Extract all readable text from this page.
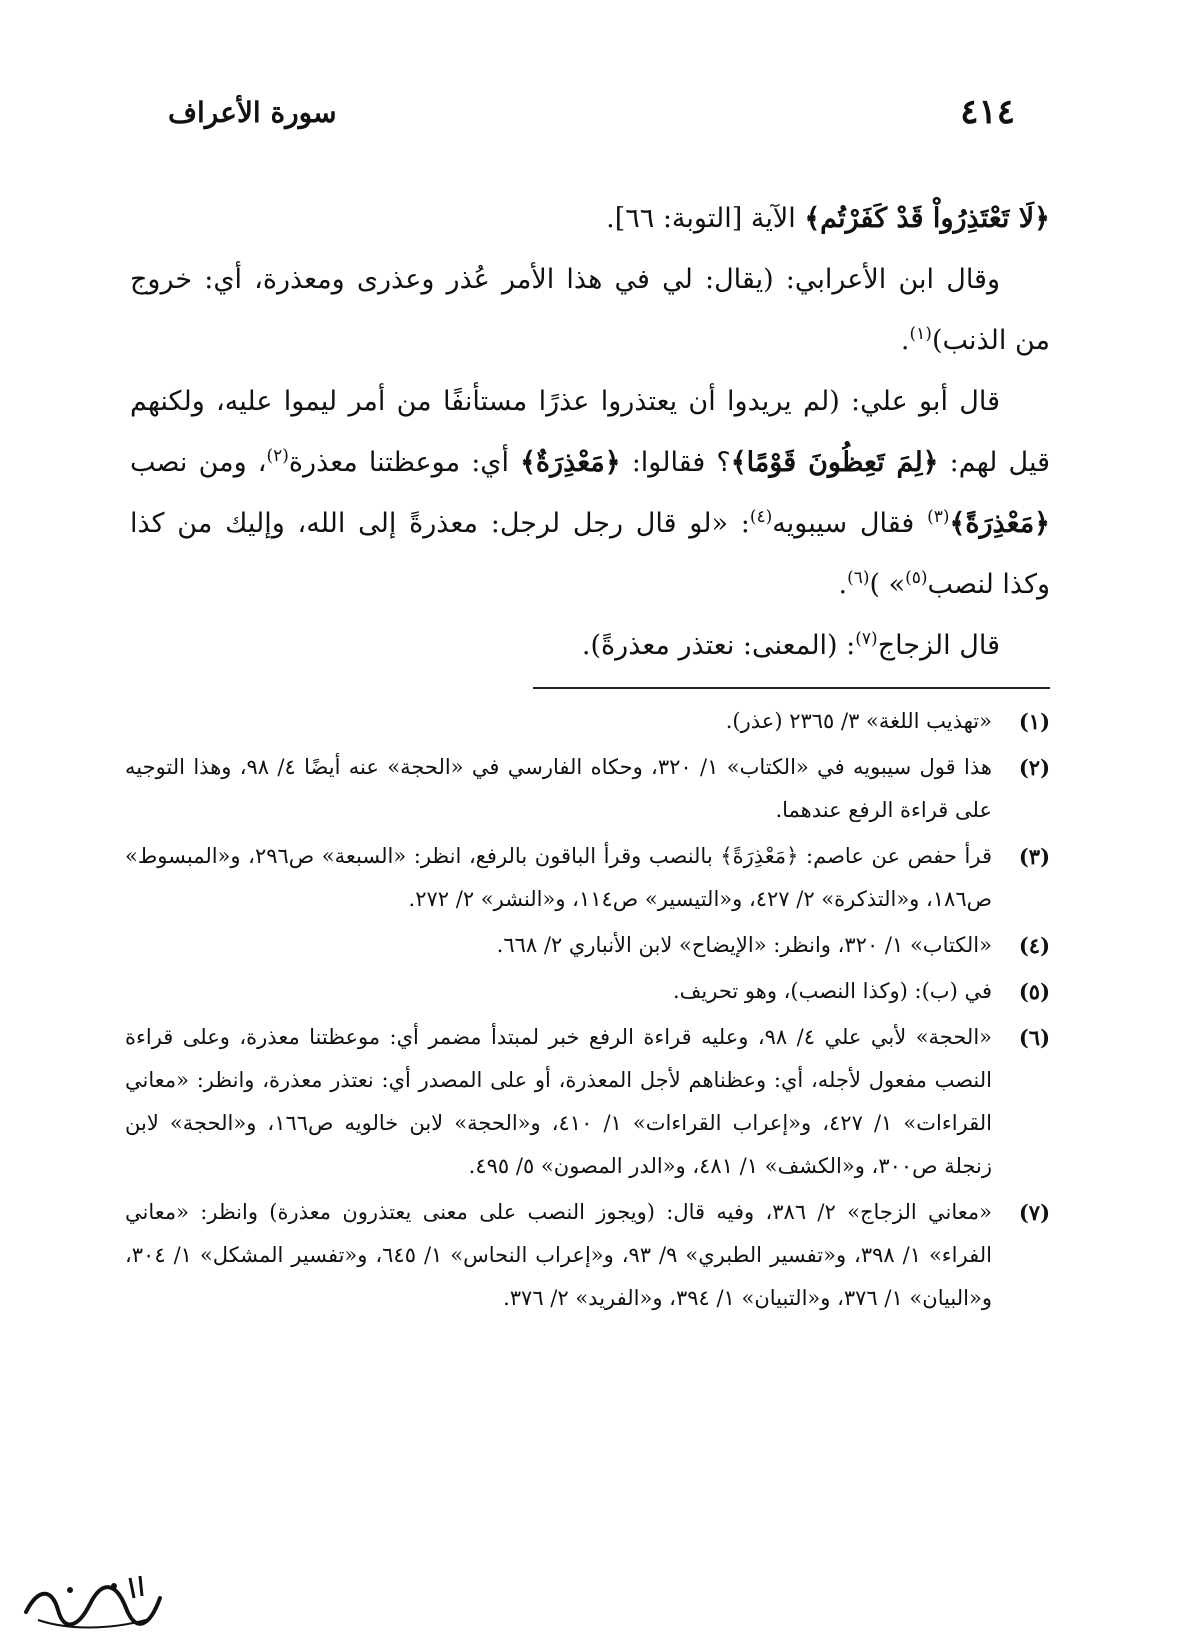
٤١٤
سورة الأعراف

﴿لَا تَعْتَذِرُواْ قَدْ كَفَرْتُم﴾ الآية [التوبة: ٦٦].

وقال ابن الأعرابي: (يقال: لي في هذا الأمر عُذر وعذرى ومعذرة، أي: خروج من الذنب)$^{(١)}$.

قال أبو علي: (لم يريدوا أن يعتذروا عذرًا مستأنفًا من أمر ليموا عليه، ولكنهم قيل لهم: ﴿لِمَ تَعِظُونَ قَوْمًا﴾؟ فقالوا: ﴿مَعْذِرَةٌ﴾ أي: موعظتنا معذرة$^{(٢)}$، ومن نصب ﴿مَعْذِرَةً﴾$^{(٣)}$ فقال سيبويه$^{(٤)}$: «لو قال رجل لرجل: معذرةً إلى الله، وإليك من كذا وكذا لنصب$^{(٥)}$» )$^{(٦)}$.

قال الزجاج$^{(٧)}$: (المعنى: نعتذر معذرةً).

(١)
«تهذيب اللغة» ٣/ ٢٣٦٥ (عذر).
(٢)
هذا قول سيبويه في «الكتاب» ١/ ٣٢٠، وحكاه الفارسي في «الحجة» عنه أيضًا ٤/ ٩٨، وهذا التوجيه على قراءة الرفع عندهما.
(٣)
قرأ حفص عن عاصم: ﴿مَعْذِرَةً﴾ بالنصب وقرأ الباقون بالرفع، انظر: «السبعة» ص٢٩٦، و«المبسوط» ص١٨٦، و«التذكرة» ٢/ ٤٢٧، و«التيسير» ص١١٤، و«النشر» ٢/ ٢٧٢.
(٤)
«الكتاب» ١/ ٣٢٠، وانظر: «الإيضاح» لابن الأنباري ٢/ ٦٦٨.
(٥)
في (ب): (وكذا النصب)، وهو تحريف.
(٦)
«الحجة» لأبي علي ٤/ ٩٨، وعليه قراءة الرفع خبر لمبتدأ مضمر أي: موعظتنا معذرة، وعلى قراءة النصب مفعول لأجله، أي: وعظناهم لأجل المعذرة، أو على المصدر أي: نعتذر معذرة، وانظر: «معاني القراءات» ١/ ٤٢٧، و«إعراب القراءات» ١/ ٤١٠، و«الحجة» لابن خالويه ص١٦٦، و«الحجة» لابن زنجلة ص٣٠٠، و«الكشف» ١/ ٤٨١، و«الدر المصون» ٥/ ٤٩٥.
(٧)
«معاني الزجاج» ٢/ ٣٨٦، وفيه قال: (ويجوز النصب على معنى يعتذرون معذرة) وانظر: «معاني الفراء» ١/ ٣٩٨، و«تفسير الطبري» ٩/ ٩٣، و«إعراب النحاس» ١/ ٦٤٥، و«تفسير المشكل» ١/ ٣٠٤، و«البيان» ١/ ٣٧٦، و«التبيان» ١/ ٣٩٤، و«الفريد» ٢/ ٣٧٦.
